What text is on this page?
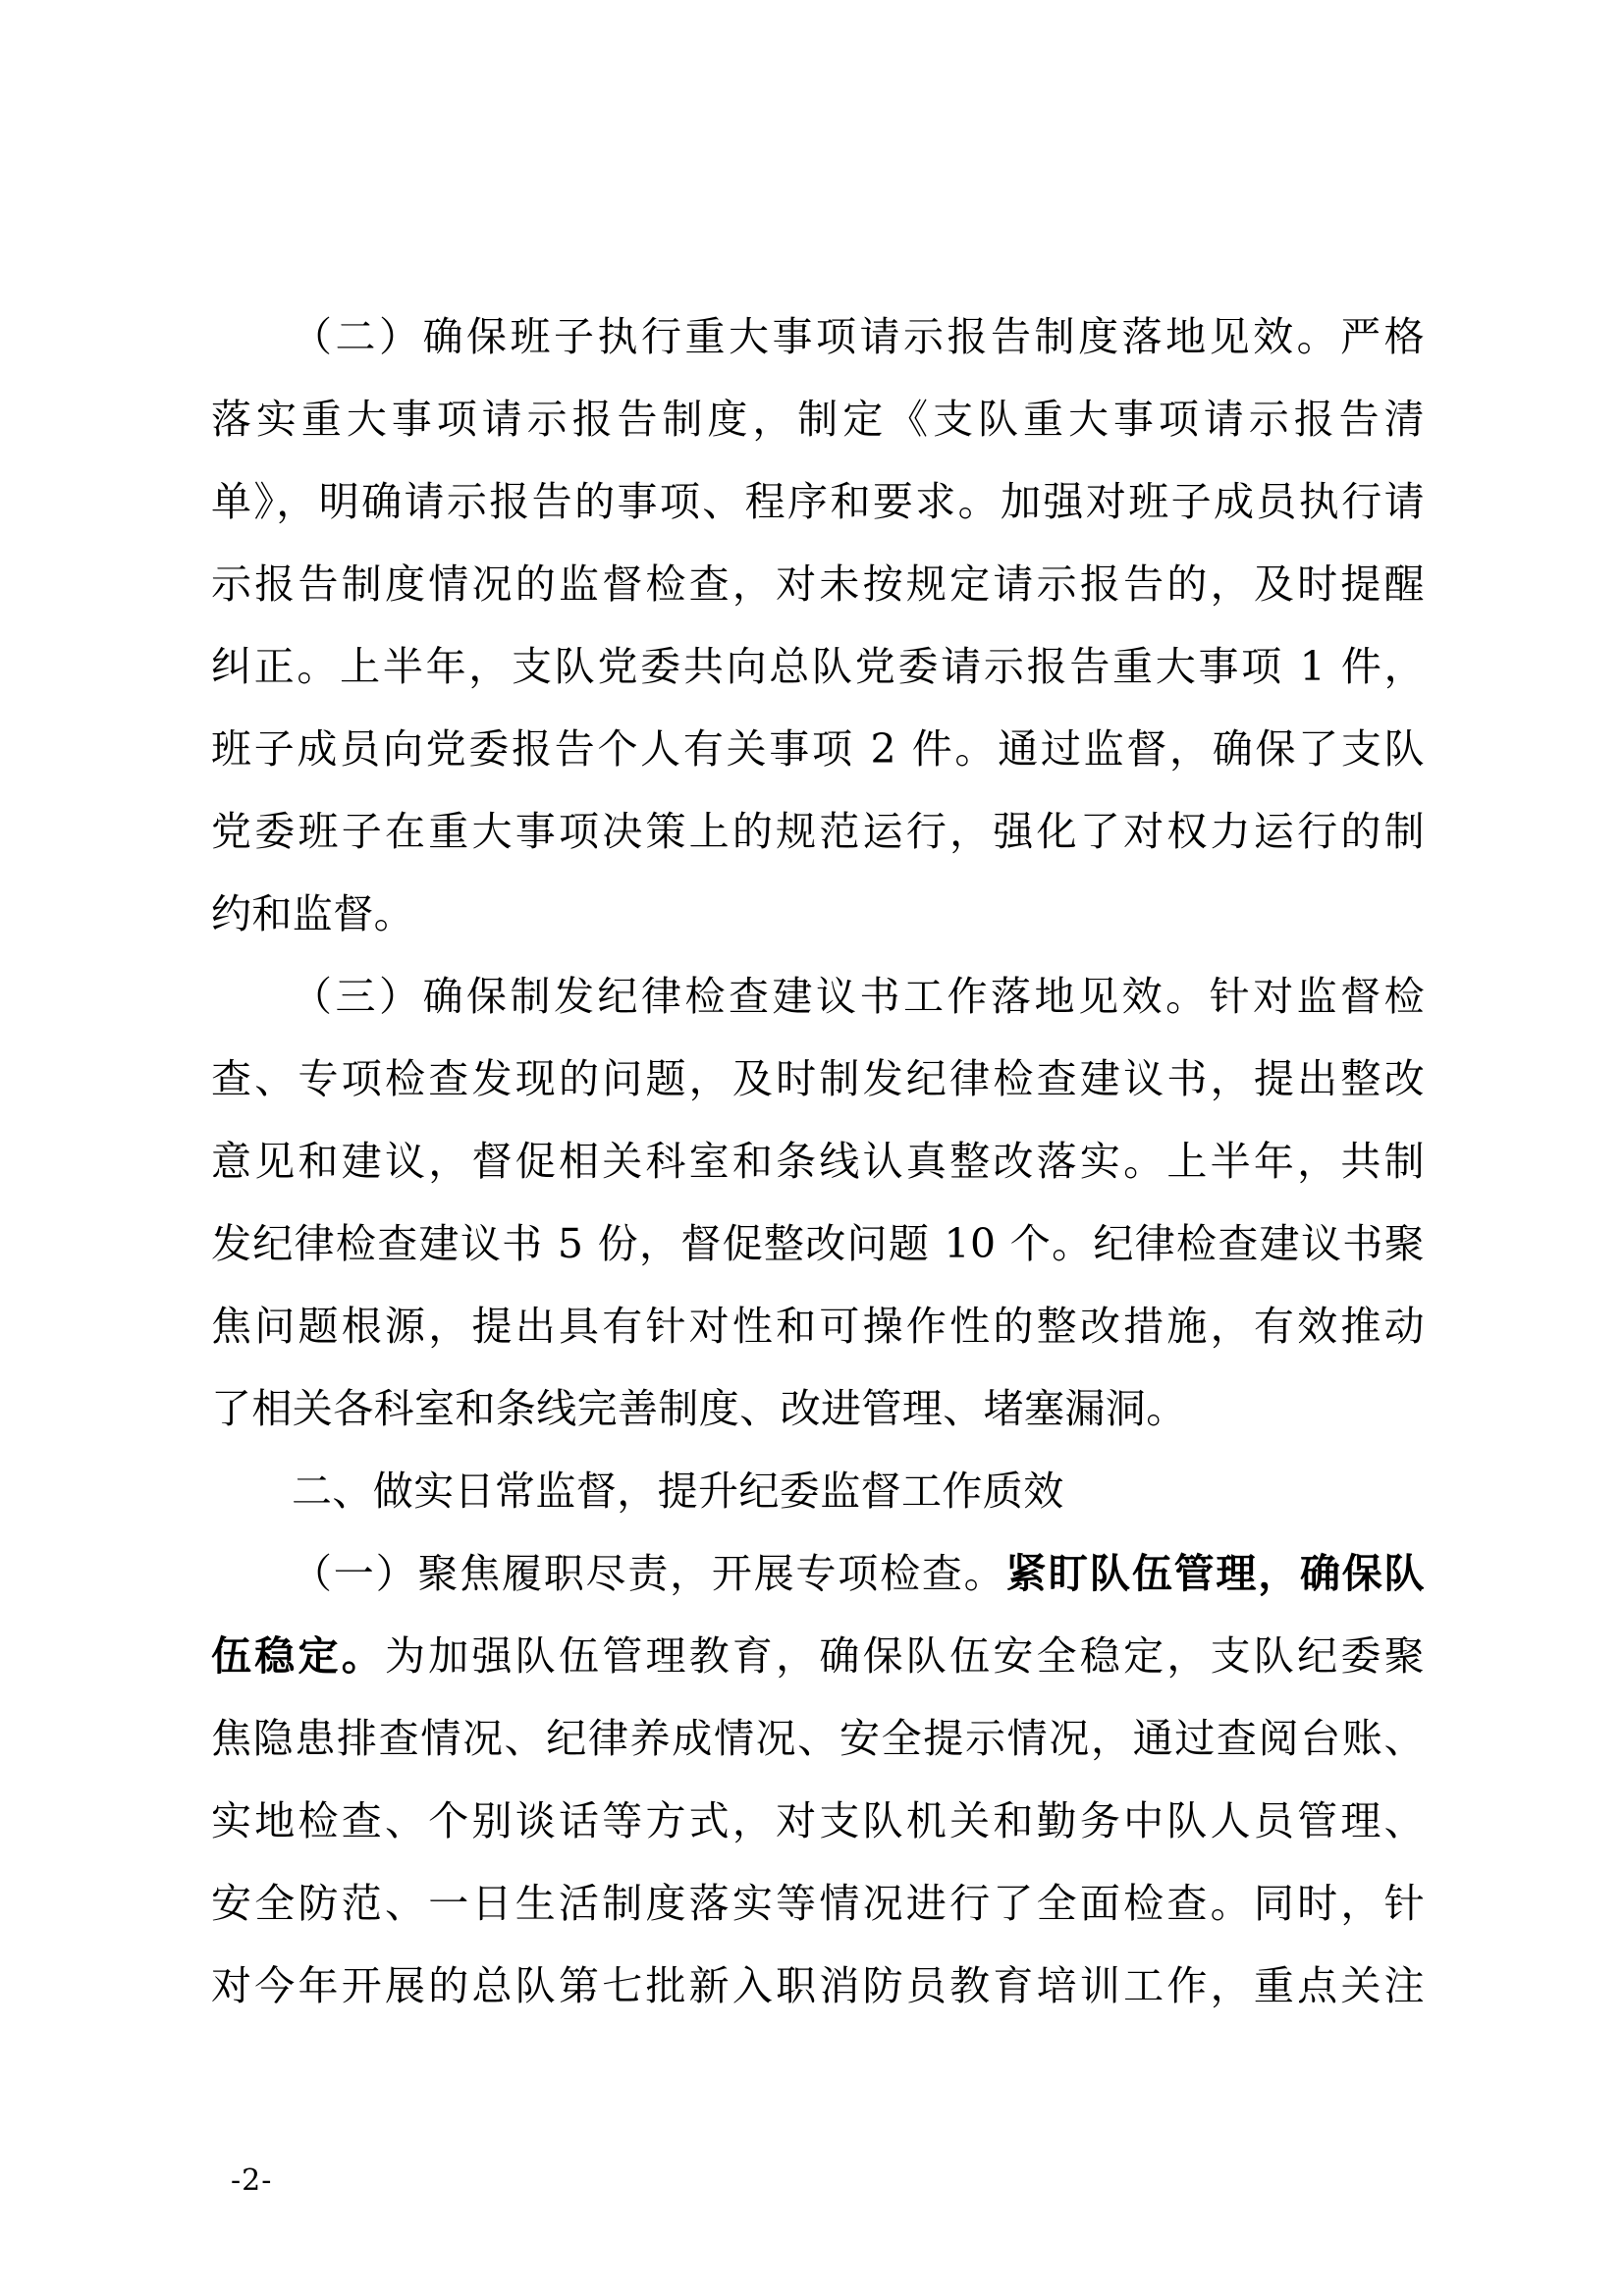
（二）确保班子执行重大事项请示报告制度落地见效。严格
落实重大事项请示报告制度，制定《支队重大事项请示报告清
单》，明确请示报告的事项、程序和要求。加强对班子成员执行请
示报告制度情况的监督检查，对未按规定请示报告的，及时提醒
纠正。上半年，支队党委共向总队党委请示报告重大事项 1 件，
班子成员向党委报告个人有关事项 2 件。通过监督，确保了支队
党委班子在重大事项决策上的规范运行，强化了对权力运行的制
约和监督。
（三）确保制发纪律检查建议书工作落地见效。针对监督检
查、专项检查发现的问题，及时制发纪律检查建议书，提出整改
意见和建议，督促相关科室和条线认真整改落实。上半年，共制
发纪律检查建议书 5 份，督促整改问题 10 个。纪律检查建议书聚
焦问题根源，提出具有针对性和可操作性的整改措施，有效推动
了相关各科室和条线完善制度、改进管理、堵塞漏洞。
二、做实日常监督，提升纪委监督工作质效
（一）聚焦履职尽责，开展专项检查。紧盯队伍管理，确保队
伍稳定。为加强队伍管理教育，确保队伍安全稳定，支队纪委聚
焦隐患排查情况、纪律养成情况、安全提示情况，通过查阅台账、
实地检查、个别谈话等方式，对支队机关和勤务中队人员管理、
安全防范、一日生活制度落实等情况进行了全面检查。同时，针
对今年开展的总队第七批新入职消防员教育培训工作，重点关注
-2-
